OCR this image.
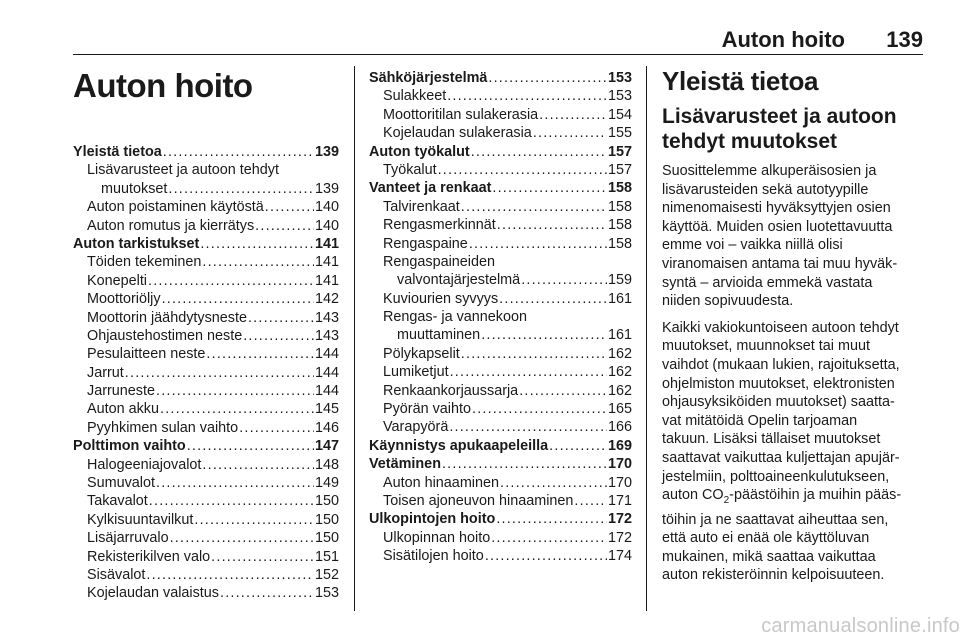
Auton hoito 139
Auton hoito
Yleistä tietoa .....	139
Lisävarusteet ja autoon tehdyt
muutokset .....	139
Auton poistaminen käytöstä .....	140
Auton romutus ja kierrätys .....	140
Auton tarkistukset .....	141
Töiden tekeminen .....	141
Konepelti .....	141
Moottoriöljy .....	142
Moottorin jäähdytysneste .....	143
Ohjaustehostimen neste .....	143
Pesulaitteen neste .....	144
Jarrut .....	144
Jarruneste .....	144
Auton akku .....	145
Pyyhkimen sulan vaihto .....	146
Polttimon vaihto .....	147
Halogeeniajovalot .....	148
Sumuvalot .....	149
Takavalot .....	150
Kylkisuuntavilkut .....	150
Lisäjarruvalo .....	150
Rekisterikilven valo .....	151
Sisävalot .....	152
Kojelaudan valaistus .....	153
Sähköjärjestelmä .....	153
Sulakkeet .....	153
Moottoritilan sulakerasia .....	154
Kojelaudan sulakerasia .....	155
Auton työkalut .....	157
Työkalut .....	157
Vanteet ja renkaat .....	158
Talvirenkaat .....	158
Rengasmerkinnät .....	158
Rengaspaine .....	158
Rengaspaineiden
valvontajärjestelmä .....	159
Kuviourien syvyys .....	161
Rengas- ja vannekoon
muuttaminen .....	161
Pölykapselit .....	162
Lumiketjut .....	162
Renkaankorjaussarja .....	162
Pyörän vaihto .....	165
Varapyörä .....	166
Käynnistys apukaapeleilla .....	169
Vetäminen .....	170
Auton hinaaminen .....	170
Toisen ajoneuvon hinaaminen ..... 171
Ulkopintojen hoito .....	172
Ulkopinnan hoito .....	172
Sisätilojen hoito .....	174
Yleistä tietoa
Lisävarusteet ja autoon
tehdyt muutokset
Suosittelemme alkuperäisosien ja
lisävarusteiden sekä autotyypille
nimenomaisesti hyväksyttyjen osien
käyttöä. Muiden osien luotettavuutta
emme voi – vaikka niillä olisi
viranomaisen antama tai muu hyväk-
syntä – arvioida emmekä vastata
niiden sopivuudesta.
Kaikki vakiokuntoiseen autoon tehdyt
muutokset, muunnokset tai muut
vaihdot (mukaan lukien, rajoituksetta,
ohjelmiston muutokset, elektronisten
ohjausyksiköiden muutokset) saatta-
vat mitätöidä Opelin tarjoaman
takuun. Lisäksi tällaiset muutokset
saattavat vaikuttaa kuljettajan apujär-
jestelmiin, polttoaineenkulutukseen,
auton $CO_2$-päästöihin ja muihin pääs-
töihin ja ne saattavat aiheuttaa sen,
että auto ei enää ole käyttöluvan
mukainen, mikä saattaa vaikuttaa
auton rekisteröinnin kelpoisuuteen.
carmanualsonline.info
